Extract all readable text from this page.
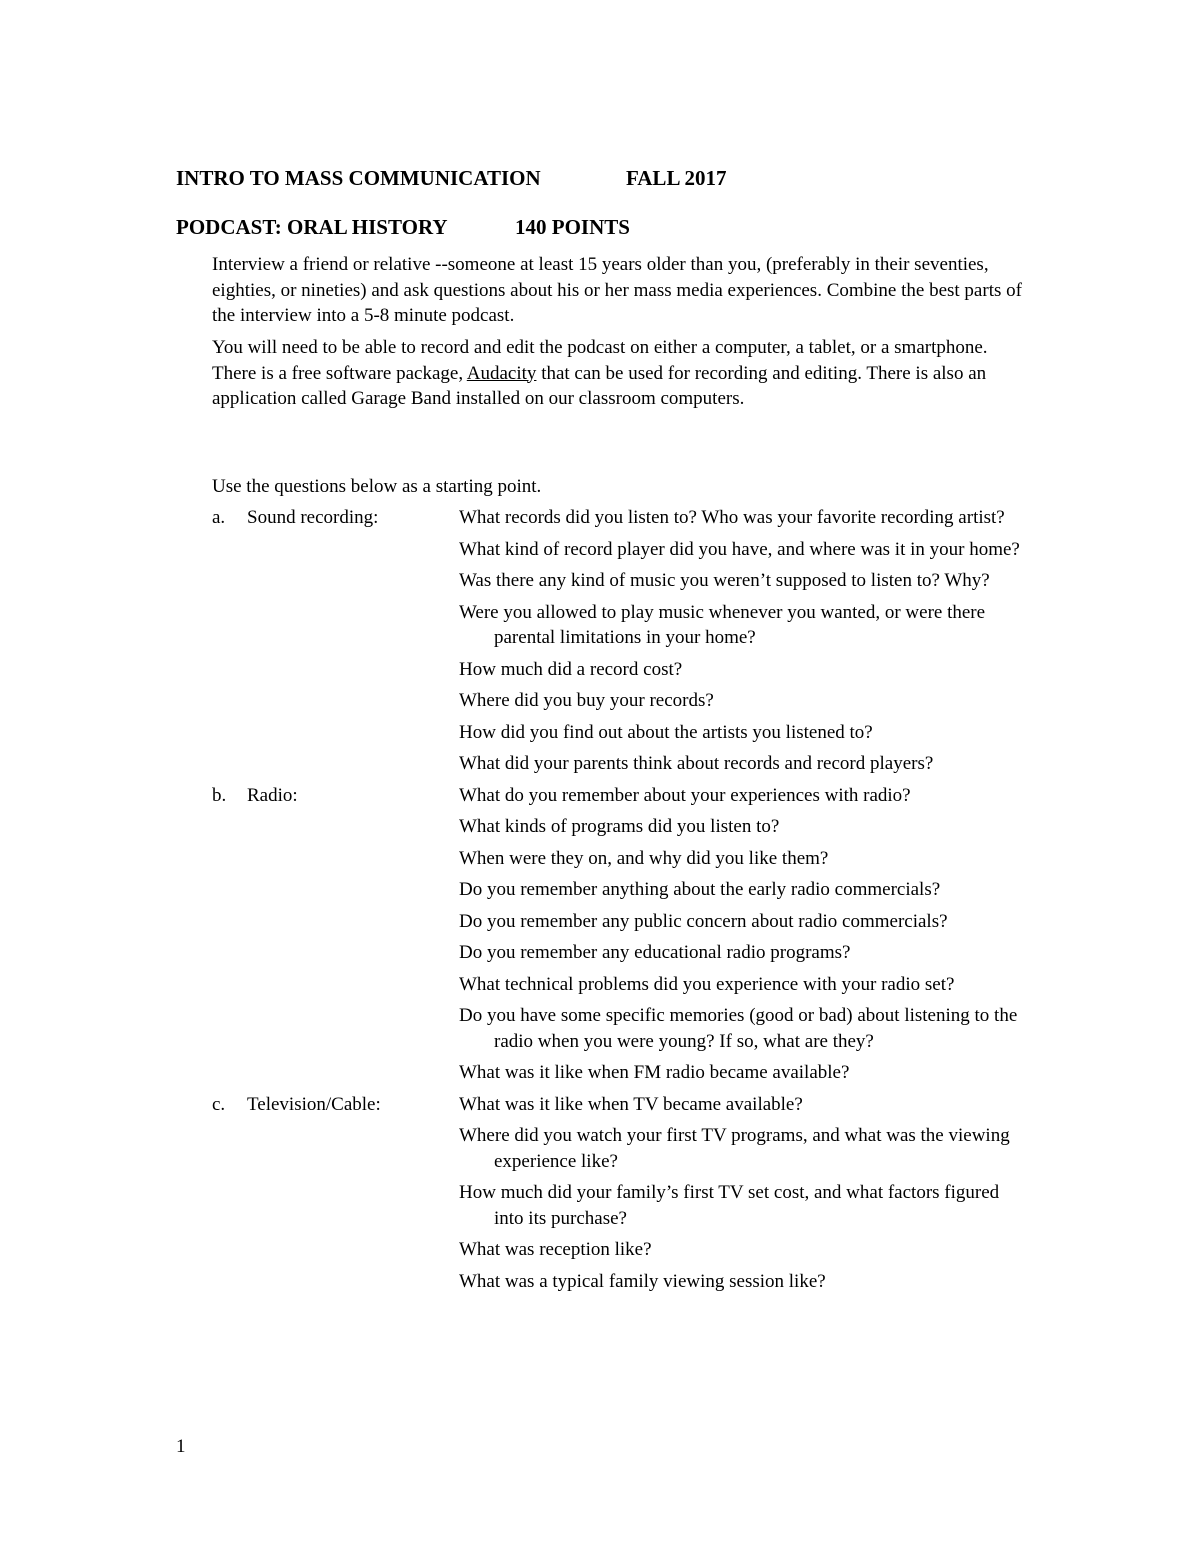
INTRO TO MASS COMMUNICATION	FALL 2017
PODCAST: ORAL HISTORY	140 POINTS
Interview a friend or relative --someone at least 15 years older than you, (preferably in their seventies, eighties, or nineties) and ask questions about his or her mass media experiences. Combine the best parts of the interview into a 5-8 minute podcast.
You will need to be able to record and edit the podcast on either a computer, a tablet, or a smartphone. There is a free software package, Audacity that can be used for recording and editing. There is also an application called Garage Band installed on our classroom computers.
Use the questions below as a starting point.
a. Sound recording:	What records did you listen to? Who was your favorite recording artist?
What kind of record player did you have, and where was it in your home?
Was there any kind of music you weren’t supposed to listen to? Why?
Were you allowed to play music whenever you wanted, or were there parental limitations in your home?
How much did a record cost?
Where did you buy your records?
How did you find out about the artists you listened to?
What did your parents think about records and record players?
b. Radio:	What do you remember about your experiences with radio?
What kinds of programs did you listen to?
When were they on, and why did you like them?
Do you remember anything about the early radio commercials?
Do you remember any public concern about radio commercials?
Do you remember any educational radio programs?
What technical problems did you experience with your radio set?
Do you have some specific memories (good or bad) about listening to the radio when you were young? If so, what are they?
What was it like when FM radio became available?
c. Television/Cable:	What was it like when TV became available?
Where did you watch your first TV programs, and what was the viewing experience like?
How much did your family’s first TV set cost, and what factors figured into its purchase?
What was reception like?
What was a typical family viewing session like?
1
